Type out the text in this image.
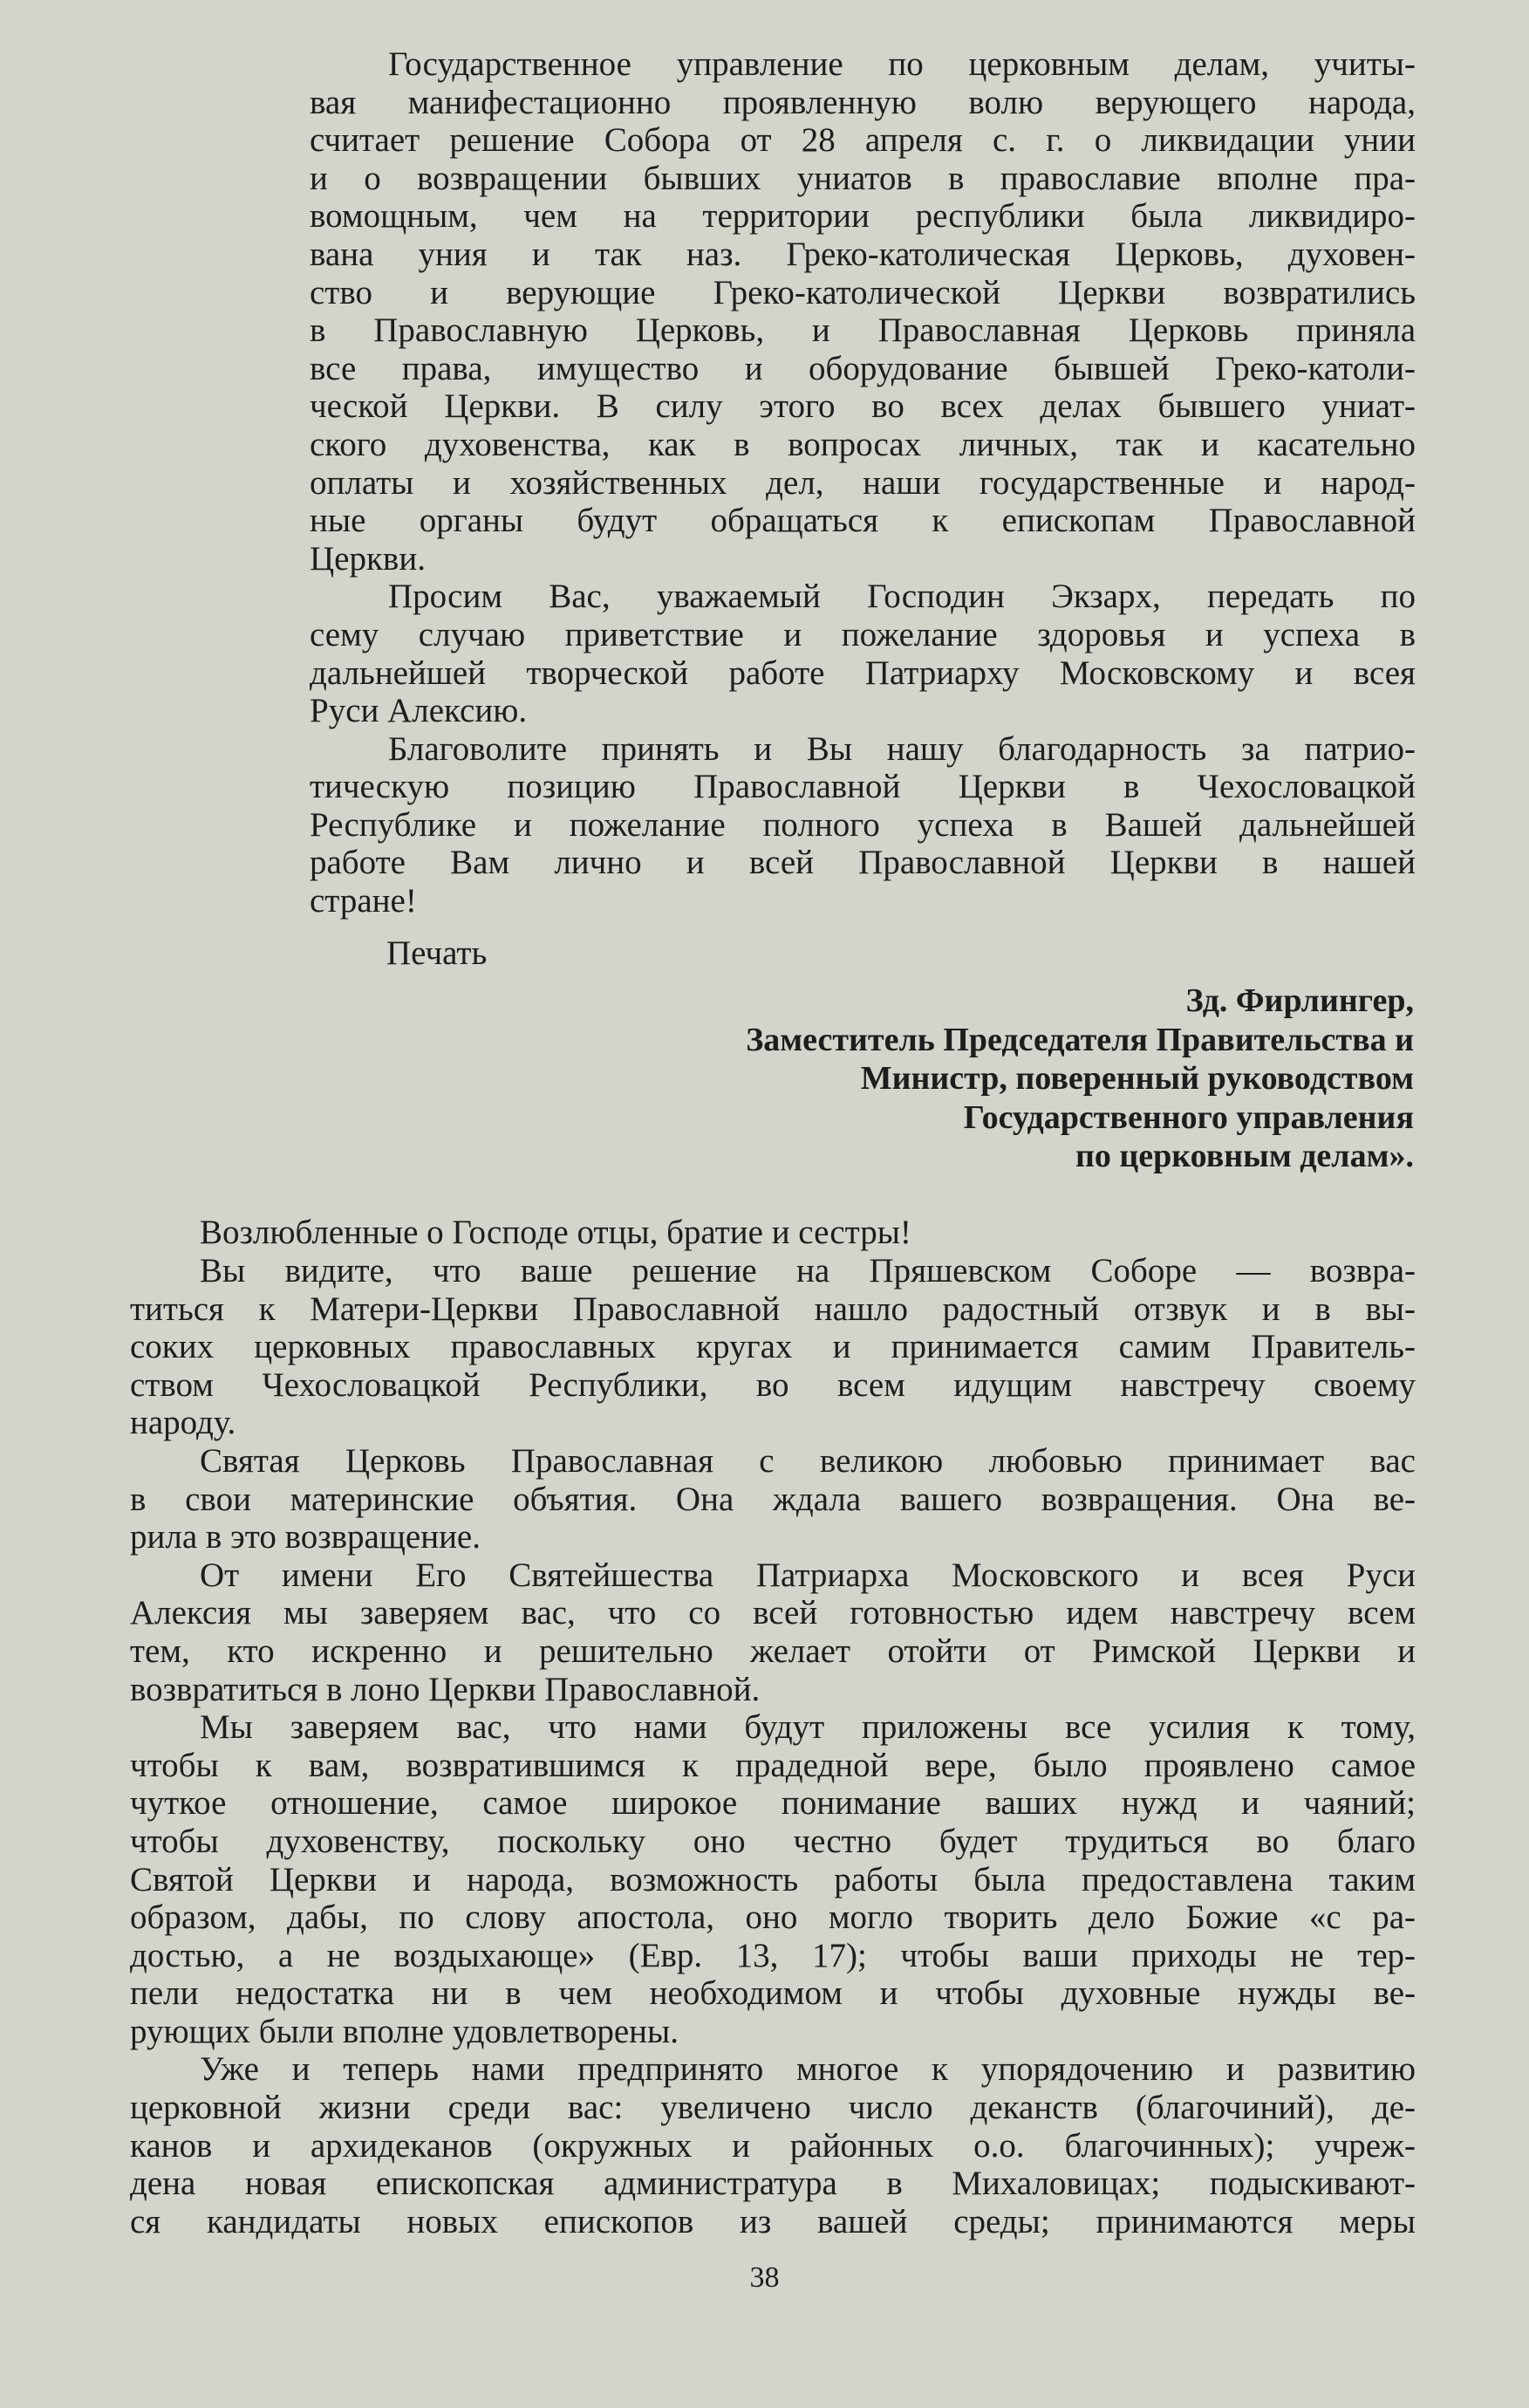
Государственное управление по церковным делам, учиты-

вая манифестационно проявленную волю верующего народа,

считает решение Собора от 28 апреля с. г. о ликвидации унии

и о возвращении бывших униатов в православие вполне пра-

вомощным, чем на территории республики была ликвидиро-

вана уния и так наз. Греко-католическая Церковь, духовен-

ство и верующие Греко-католической Церкви возвратились

в Православную Церковь, и Православная Церковь приняла

все права, имущество и оборудование бывшей Греко-католи-

ческой Церкви. В силу этого во всех делах бывшего униат-

ского духовенства, как в вопросах личных, так и касательно

оплаты и хозяйственных дел, наши государственные и народ-

ные органы будут обращаться к епископам Православной

Церкви.

Просим Вас, уважаемый Господин Экзарх, передать по

сему случаю приветствие и пожелание здоровья и успеха в

дальнейшей творческой работе Патриарху Московскому и всея

Руси Алексию.

Благоволите принять и Вы нашу благодарность за патрио-

тическую позицию Православной Церкви в Чехословацкой

Республике и пожелание полного успеха в Вашей дальнейшей

работе Вам лично и всей Православной Церкви в нашей

стране!

Печать
Зд. Фирлингер,
Заместитель Председателя Правительства и
Министр, поверенный руководством
Государственного управления
по церковным делам».
Возлюбленные о Господе отцы, братие и сестры!

Вы видите, что ваше решение на Пряшевском Соборе — возвра-

титься к Матери-Церкви Православной нашло радостный отзвук и в вы-

соких церковных православных кругах и принимается самим Правитель-

ством Чехословацкой Республики, во всем идущим навстречу своему

народу.

Святая Церковь Православная с великою любовью принимает вас

в свои материнские объятия. Она ждала вашего возвращения. Она ве-

рила в это возвращение.

От имени Его Святейшества Патриарха Московского и всея Руси

Алексия мы заверяем вас, что со всей готовностью идем навстречу всем

тем, кто искренно и решительно желает отойти от Римской Церкви и

возвратиться в лоно Церкви Православной.

Мы заверяем вас, что нами будут приложены все усилия к тому,

чтобы к вам, возвратившимся к прадедной вере, было проявлено самое

чуткое отношение, самое широкое понимание ваших нужд и чаяний;

чтобы духовенству, поскольку оно честно будет трудиться во благо

Святой Церкви и народа, возможность работы была предоставлена таким

образом, дабы, по слову апостола, оно могло творить дело Божие «с ра-

достью, а не воздыхающе» (Евр. 13, 17); чтобы ваши приходы не тер-

пели недостатка ни в чем необходимом и чтобы духовные нужды ве-

рующих были вполне удовлетворены.

Уже и теперь нами предпринято многое к упорядочению и развитию

церковной жизни среди вас: увеличено число деканств (благочиний), де-

канов и архидеканов (окружных и районных о.о. благочинных); учреж-

дена новая епископская администратура в Михаловицах; подыскивают-

ся кандидаты новых епископов из вашей среды; принимаются меры

38
